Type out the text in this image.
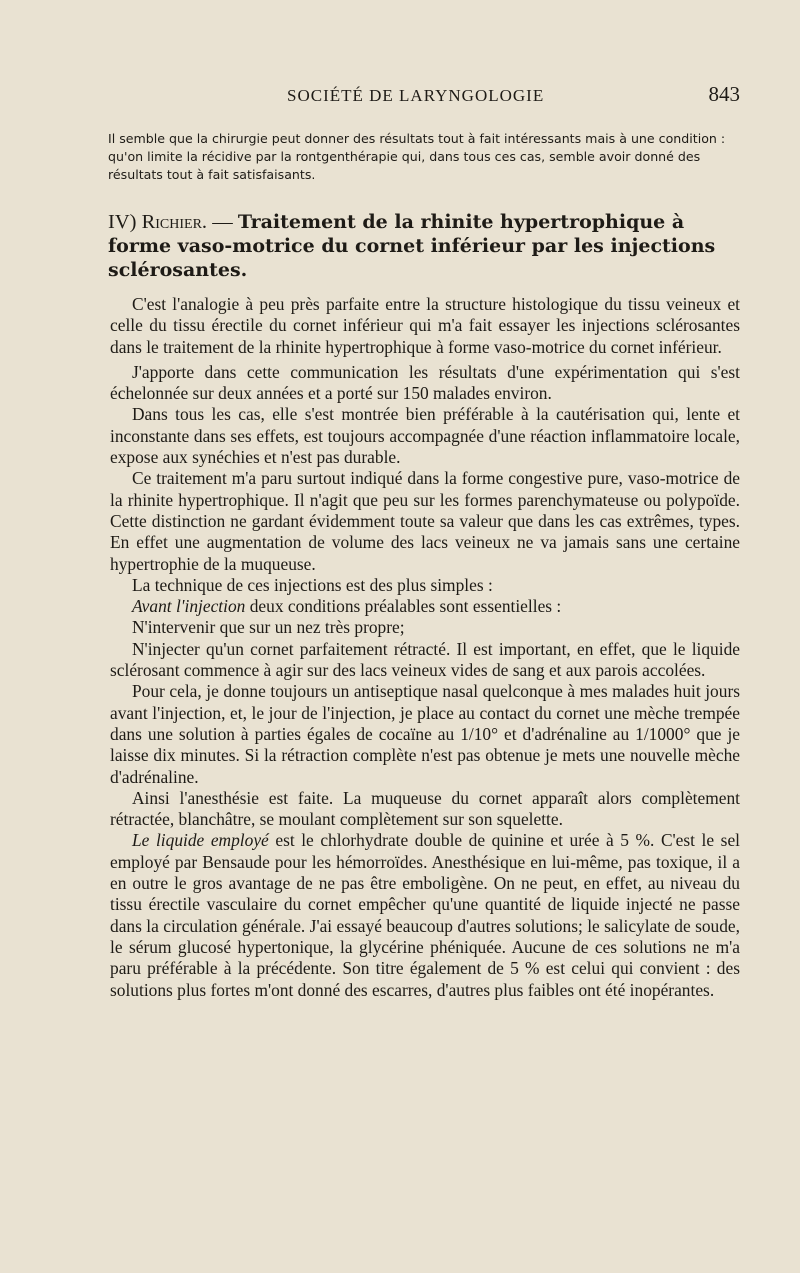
SOCIÉTÉ DE LARYNGOLOGIE	843
Il semble que la chirurgie peut donner des résultats tout à fait intéressants mais à une condition : qu'on limite la récidive par la rontgenthérapie qui, dans tous ces cas, semble avoir donné des résultats tout à fait satisfaisants.
IV) Richier. — Traitement de la rhinite hypertrophique à forme vaso-motrice du cornet inférieur par les injections sclérosantes.

C'est l'analogie à peu près parfaite entre la structure histologique du tissu veineux et celle du tissu érectile du cornet inférieur qui m'a fait essayer les injections sclérosantes dans le traitement de la rhinite hypertrophique à forme vaso-motrice du cornet inférieur.

J'apporte dans cette communication les résultats d'une expérimentation qui s'est échelonnée sur deux années et a porté sur 150 malades environ.

Dans tous les cas, elle s'est montrée bien préférable à la cautérisation qui, lente et inconstante dans ses effets, est toujours accompagnée d'une réaction inflammatoire locale, expose aux synéchies et n'est pas durable.

Ce traitement m'a paru surtout indiqué dans la forme congestive pure, vaso-motrice de la rhinite hypertrophique. Il n'agit que peu sur les formes parenchymateuse ou polypoïde. Cette distinction ne gardant évidemment toute sa valeur que dans les cas extrêmes, types. En effet une augmentation de volume des lacs veineux ne va jamais sans une certaine hypertrophie de la muqueuse.

La technique de ces injections est des plus simples :

Avant l'injection deux conditions préalables sont essentielles :

N'intervenir que sur un nez très propre;

N'injecter qu'un cornet parfaitement rétracté. Il est important, en effet, que le liquide sclérosant commence à agir sur des lacs veineux vides de sang et aux parois accolées.

Pour cela, je donne toujours un antiseptique nasal quelconque à mes malades huit jours avant l'injection, et, le jour de l'injection, je place au contact du cornet une mèche trempée dans une solution à parties égales de cocaïne au 1/10° et d'adrénaline au 1/1000° que je laisse dix minutes. Si la rétraction complète n'est pas obtenue je mets une nouvelle mèche d'adrénaline.

Ainsi l'anesthésie est faite. La muqueuse du cornet apparaît alors complètement rétractée, blanchâtre, se moulant complètement sur son squelette.

Le liquide employé est le chlorhydrate double de quinine et urée à 5 %. C'est le sel employé par Bensaude pour les hémorroïdes. Anesthésique en lui-même, pas toxique, il a en outre le gros avantage de ne pas être emboligène. On ne peut, en effet, au niveau du tissu érectile vasculaire du cornet empêcher qu'une quantité de liquide injecté ne passe dans la circulation générale. J'ai essayé beaucoup d'autres solutions; le salicylate de soude, le sérum glucosé hypertonique, la glycérine phéniquée. Aucune de ces solutions ne m'a paru préférable à la précédente. Son titre également de 5 % est celui qui convient : des solutions plus fortes m'ont donné des escarres, d'autres plus faibles ont été inopérantes.
